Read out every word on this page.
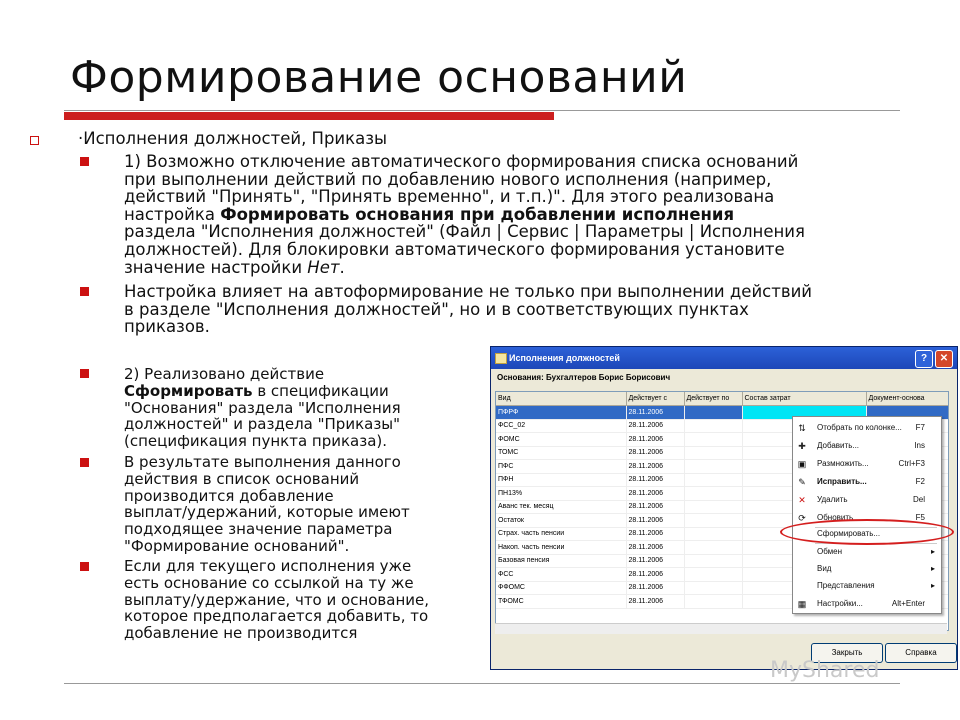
Формирование оснований
·Исполнения должностей, Приказы
1) Возможно отключение автоматического формирования списка оснований
при выполнении действий по добавлению нового исполнения (например,
действий "Принять", "Принять временно", и т.п.)". Для этого реализована
настройка Формировать основания при добавлении исполнения
раздела "Исполнения должностей" (Файл | Сервис | Параметры | Исполнения
должностей). Для блокировки автоматического формирования установите
значение настройки Нет.
Настройка влияет на автоформирование не только при выполнении действий
в разделе "Исполнения должностей", но и в соответствующих пунктах
приказов.
2) Реализовано действие
Сформировать в спецификации
"Основания" раздела "Исполнения
должностей" и раздела "Приказы"
(спецификация пункта приказа).
В результате выполнения данного
действия в список оснований
производится добавление
выплат/удержаний, которые имеют
подходящее значение параметра
"Формирование оснований".
Если для текущего исполнения уже
есть основание со ссылкой на ту же
выплату/удержание, что и основание,
которое предполагается добавить, то
добавление не производится
Исполнения должностей	?	✕
Основания: Бухгалтеров Борис Борисович
Вид	Действует с	Действует по	Состав затрат	Документ-основа
ПФРФ	28.11.2006			
ФСС_02	28.11.2006			
ФОМС	28.11.2006			
ТОМС	28.11.2006			
ПФС	28.11.2006			
ПФН	28.11.2006			
ПН13%	28.11.2006			
Аванс тек. месяц	28.11.2006			
Остаток	28.11.2006			
Страх. часть пенсии	28.11.2006			
Накоп. часть пенсии	28.11.2006			
Базовая пенсия	28.11.2006			
ФСС	28.11.2006			
ФФОМС	28.11.2006			
ТФОМС	28.11.2006			
Закрыть	Справка
⇅ Отобрать по колонке... F7
✚ Добавить...	Ins
▣ Размножить...	Ctrl+F3
✎ Исправить...	F2
✕ Удалить	Del
⟳ Обновить	F5
Сформировать...
Обмен	▸
Вид	▸
Представления	▸
▦ Настройки...	Alt+Enter
MyShared
